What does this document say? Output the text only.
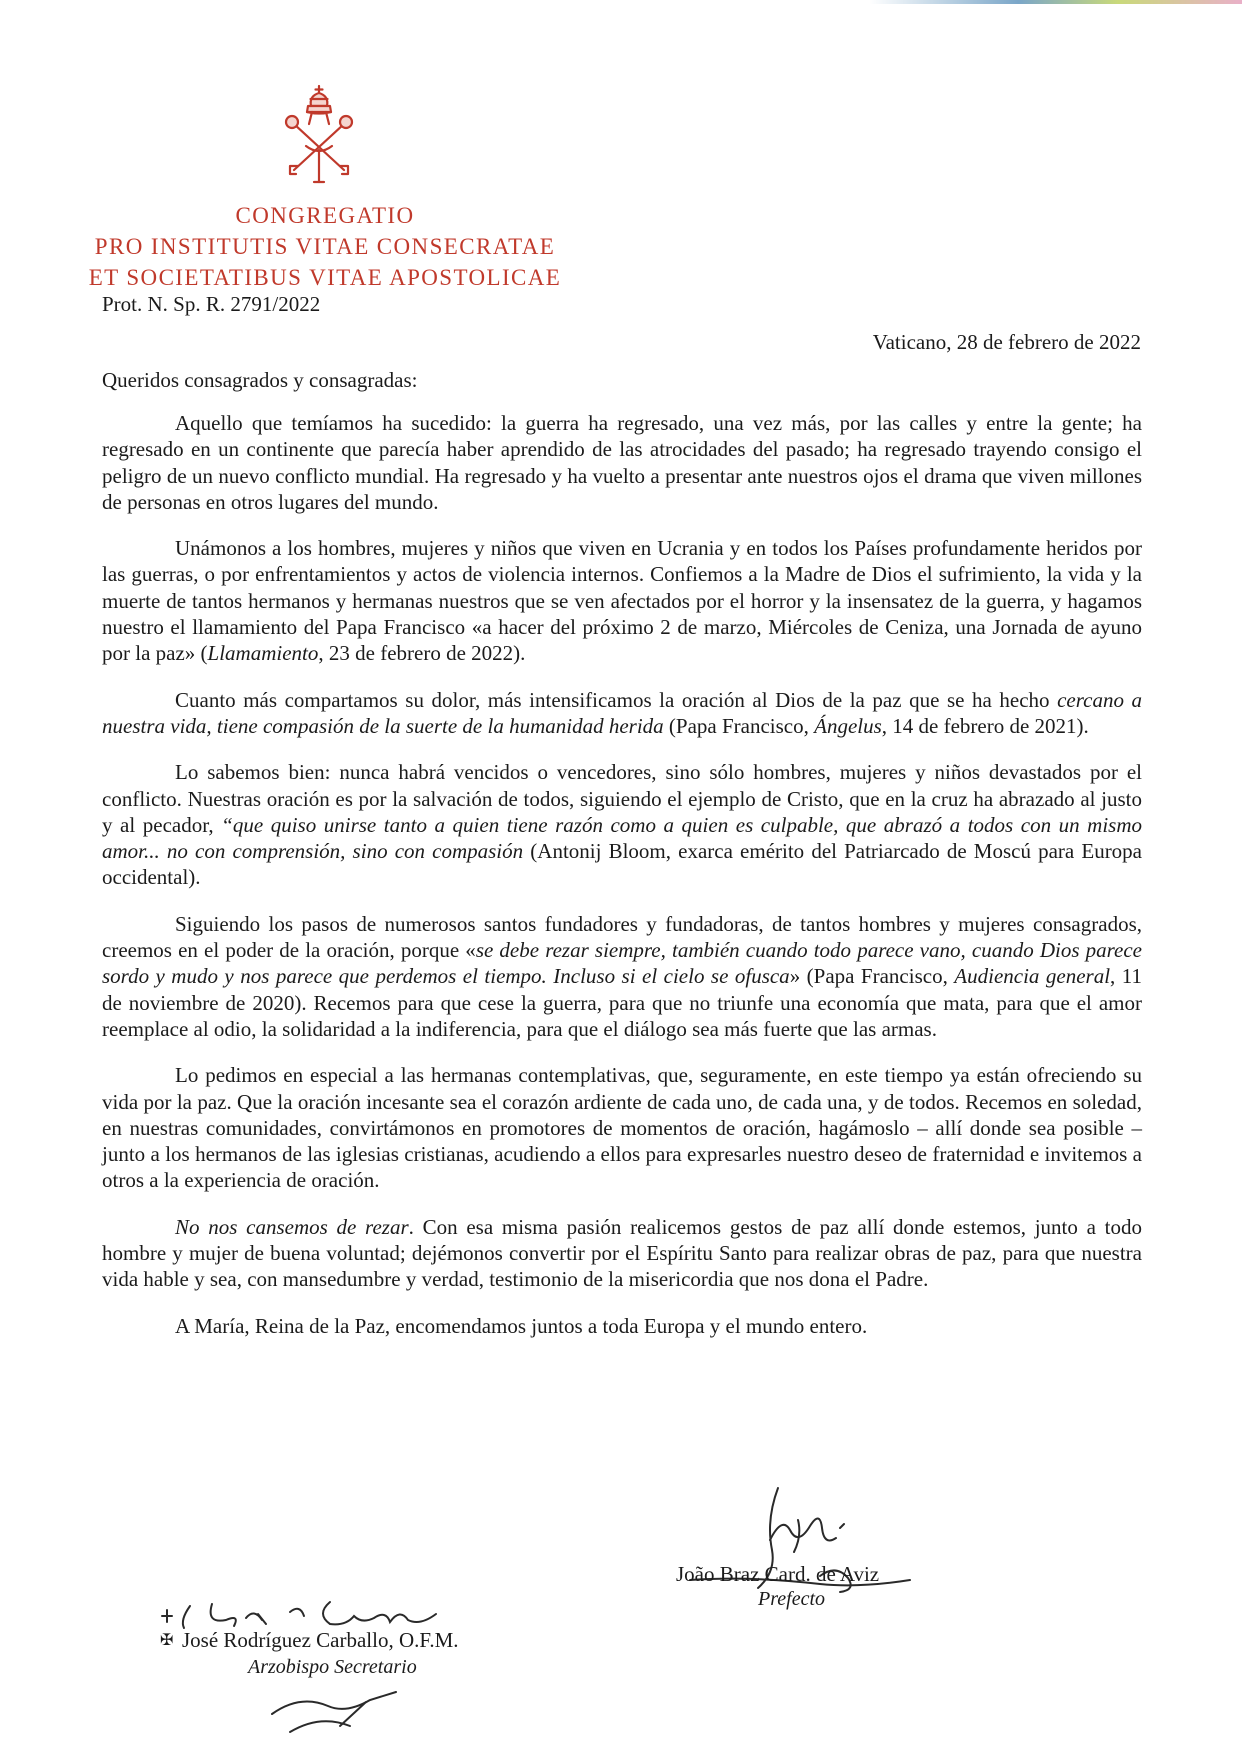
CONGREGATIO
PRO INSTITUTIS VITAE CONSECRATAE
ET SOCIETATIBUS VITAE APOSTOLICAE
Prot. N. Sp. R. 2791/2022
Vaticano, 28 de febrero de 2022
Queridos consagrados y consagradas:

Aquello que temíamos ha sucedido: la guerra ha regresado, una vez más, por las calles y entre la gente; ha regresado en un continente que parecía haber aprendido de las atrocidades del pasado; ha regresado trayendo consigo el peligro de un nuevo conflicto mundial. Ha regresado y ha vuelto a presentar ante nuestros ojos el drama que viven millones de personas en otros lugares del mundo.

Unámonos a los hombres, mujeres y niños que viven en Ucrania y en todos los Países profundamente heridos por las guerras, o por enfrentamientos y actos de violencia internos. Confiemos a la Madre de Dios el sufrimiento, la vida y la muerte de tantos hermanos y hermanas nuestros que se ven afectados por el horror y la insensatez de la guerra, y hagamos nuestro el llamamiento del Papa Francisco «a hacer del próximo 2 de marzo, Miércoles de Ceniza, una Jornada de ayuno por la paz» (Llamamiento, 23 de febrero de 2022).

Cuanto más compartamos su dolor, más intensificamos la oración al Dios de la paz que se ha hecho cercano a nuestra vida, tiene compasión de la suerte de la humanidad herida (Papa Francisco, Ángelus, 14 de febrero de 2021).

Lo sabemos bien: nunca habrá vencidos o vencedores, sino sólo hombres, mujeres y niños devastados por el conflicto. Nuestras oración es por la salvación de todos, siguiendo el ejemplo de Cristo, que en la cruz ha abrazado al justo y al pecador, “que quiso unirse tanto a quien tiene razón como a quien es culpable, que abrazó a todos con un mismo amor... no con comprensión, sino con compasión (Antonij Bloom, exarca emérito del Patriarcado de Moscú para Europa occidental).

Siguiendo los pasos de numerosos santos fundadores y fundadoras, de tantos hombres y mujeres consagrados, creemos en el poder de la oración, porque «se debe rezar siempre, también cuando todo parece vano, cuando Dios parece sordo y mudo y nos parece que perdemos el tiempo. Incluso si el cielo se ofusca» (Papa Francisco, Audiencia general, 11 de noviembre de 2020). Recemos para que cese la guerra, para que no triunfe una economía que mata, para que el amor reemplace al odio, la solidaridad a la indiferencia, para que el diálogo sea más fuerte que las armas.

Lo pedimos en especial a las hermanas contemplativas, que, seguramente, en este tiempo ya están ofreciendo su vida por la paz. Que la oración incesante sea el corazón ardiente de cada uno, de cada una, y de todos. Recemos en soledad, en nuestras comunidades, convirtámonos en promotores de momentos de oración, hagámoslo – allí donde sea posible – junto a los hermanos de las iglesias cristianas, acudiendo a ellos para expresarles nuestro deseo de fraternidad e invitemos a otros a la experiencia de oración.

No nos cansemos de rezar. Con esa misma pasión realicemos gestos de paz allí donde estemos, junto a todo hombre y mujer de buena voluntad; dejémonos convertir por el Espíritu Santo para realizar obras de paz, para que nuestra vida hable y sea, con mansedumbre y verdad, testimonio de la misericordia que nos dona el Padre.

A María, Reina de la Paz, encomendamos juntos a toda Europa y el mundo entero.

João Braz Card. de Aviz
Prefecto
✠ José Rodríguez Carballo, O.F.M.
Arzobispo Secretario
